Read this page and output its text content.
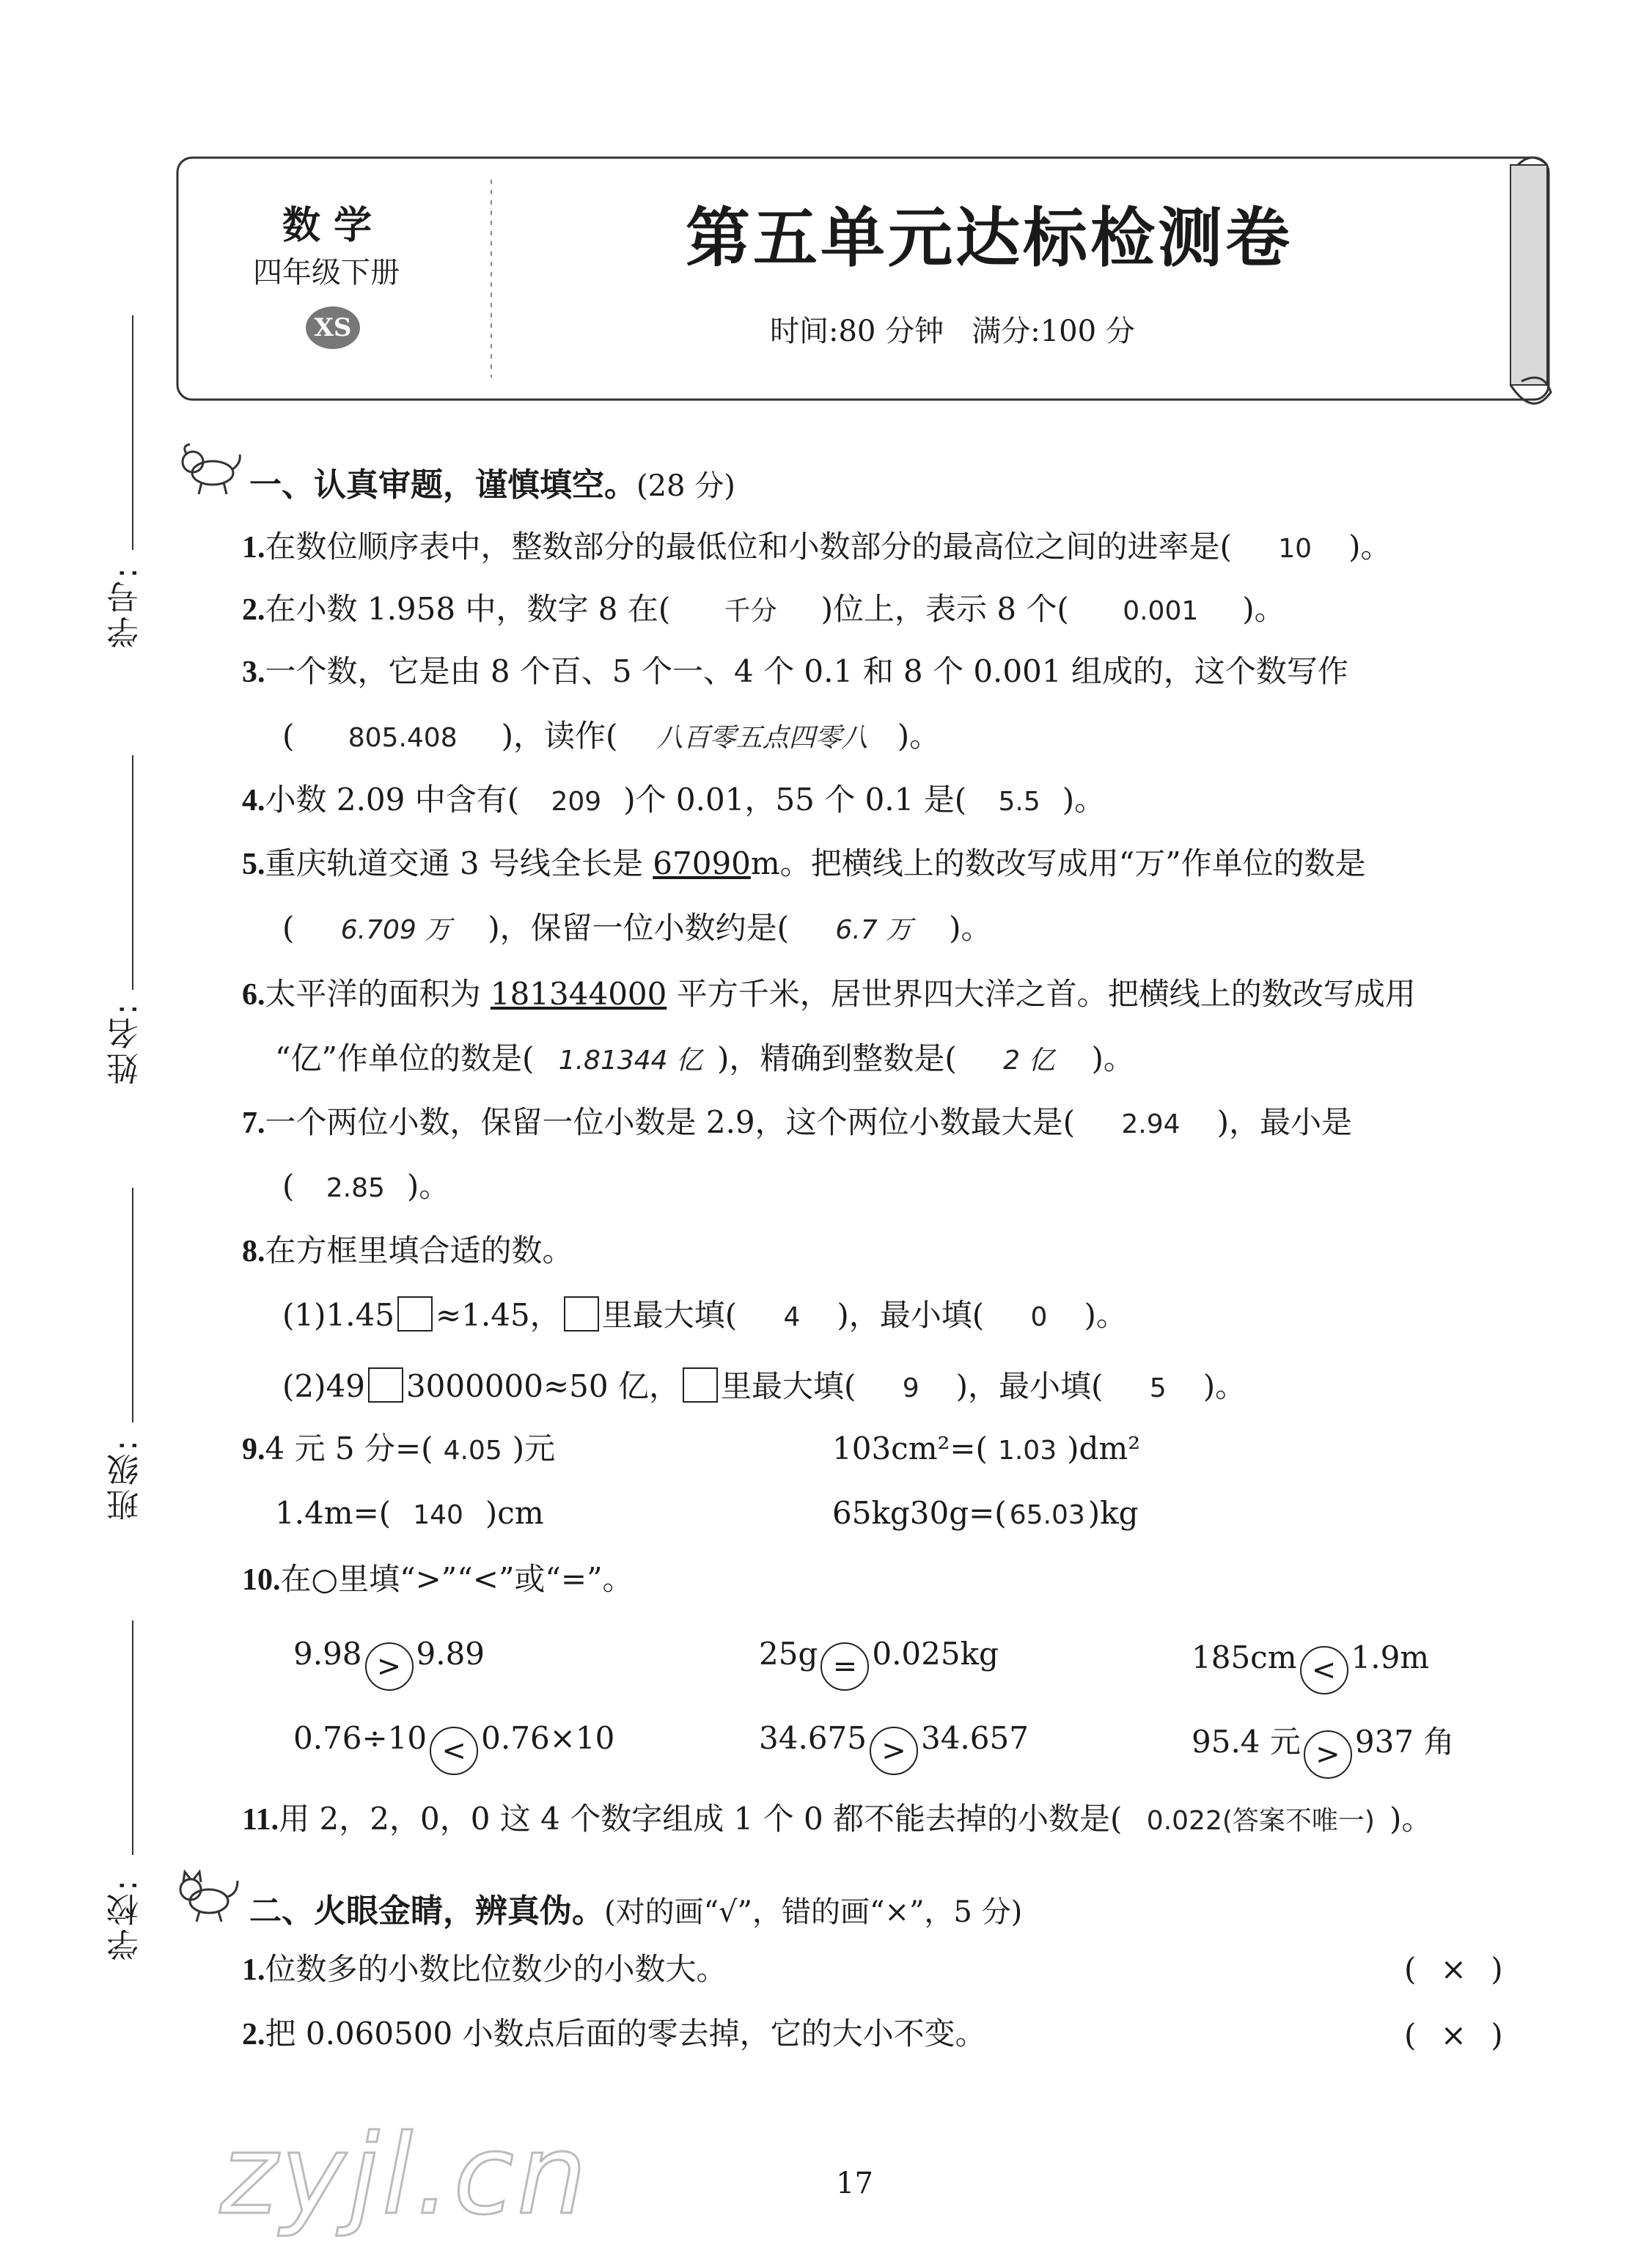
数 学
四年级下册
XS
第五单元达标检测卷
时间:80 分钟   满分:100 分
学号:
姓名:
班级:
学校:
一、认真审题，谨慎填空。(28 分)
1.在数位顺序表中，整数部分的最低位和小数部分的最高位之间的进率是( 10 )。
2.在小数 1.958 中，数字 8 在( 千分 )位上，表示 8 个( 0.001 )。
3.一个数，它是由 8 个百、5 个一、4 个 0.1 和 8 个 0.001 组成的，这个数写作
( 805.408 )，读作( 八百零五点四零八 )。
4.小数 2.09 中含有( 209 )个 0.01，55 个 0.1 是( 5.5 )。
5.重庆轨道交通 3 号线全长是 67090m。把横线上的数改写成用“万”作单位的数是
( 6.709 万 )，保留一位小数约是( 6.7 万 )。
6.太平洋的面积为 181344000 平方千米，居世界四大洋之首。把横线上的数改写成用
“亿”作单位的数是( 1.81344 亿 )，精确到整数是( 2 亿 )。
7.一个两位小数，保留一位小数是 2.9，这个两位小数最大是( 2.94 )，最小是
( 2.85 )。
8.在方框里填合适的数。
(1)1.45 ≈1.45， 里最大填( 4 )，最小填( 0 )。
(2)49 3000000≈50 亿， 里最大填( 9 )，最小填( 5 )。
9.4 元 5 分=( 4.05 )元	103cm²=( 1.03 )dm²
1.4m=( 140 )cm	65kg30g=( 65.03)kg
10.在○里填“>”“<”或“=”。
9.98 > 9.89	25g = 0.025kg	185cm < 1.9m
0.76÷10 < 0.76×10	34.675 > 34.657	95.4 元 > 937 角
11.用 2，2，0，0 这 4 个数字组成 1 个 0 都不能去掉的小数是( 0.022(答案不唯一) )。
二、火眼金睛，辨真伪。(对的画“√”，错的画“×”，5 分)
1.位数多的小数比位数少的小数大。	( × )
2.把 0.060500 小数点后面的零去掉，它的大小不变。	( × )
zyjl.cn	17
